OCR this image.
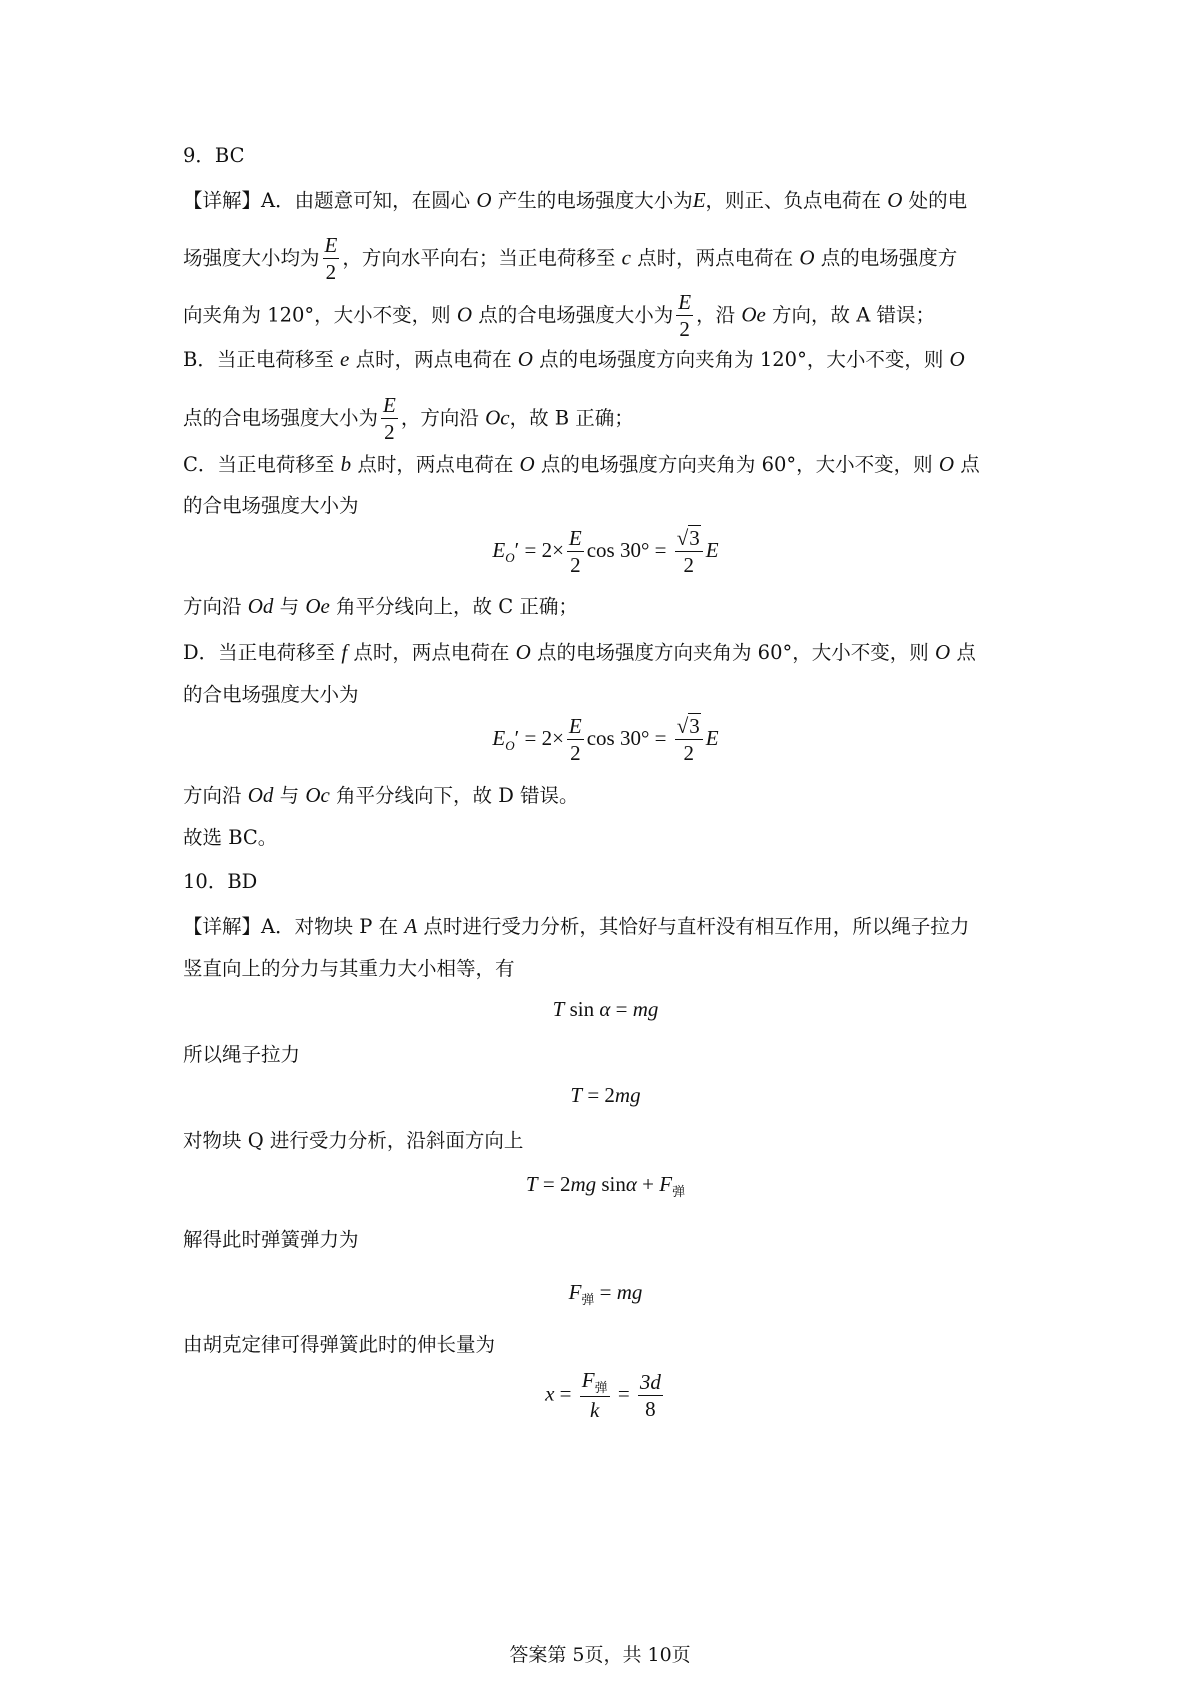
9．BC
【详解】A．由题意可知，在圆心 O 产生的电场强度大小为E，则正、负点电荷在 O 处的电
场强度大小均为 $\frac{E}{2}$ ，方向水平向右；当正电荷移至 c 点时，两点电荷在 O 点的电场强度方
向夹角为 120°，大小不变，则 O 点的合电场强度大小为 $\frac{E}{2}$ ，沿 Oe 方向，故 A 错误；
B．当正电荷移至 e 点时，两点电荷在 O 点的电场强度方向夹角为 120°，大小不变，则 O
点的合电场强度大小为 $\frac{E}{2}$ ，方向沿 Oc，故 B 正确；
C．当正电荷移至 b 点时，两点电荷在 O 点的电场强度方向夹角为 60°，大小不变，则 O 点
的合电场强度大小为
$E_O' = 2\times \frac{E}{2}$ $\cos 30^\circ = \frac{√3}{2}$ E
方向沿 Od 与 Oe 角平分线向上，故 C 正确；
D．当正电荷移至 f 点时，两点电荷在 O 点的电场强度方向夹角为 60°，大小不变，则 O 点
的合电场强度大小为
$E_O' = 2\times \frac{E}{2}$ $\cos 30^\circ = \frac{√3}{2}$ E
方向沿 Od 与 Oc 角平分线向下，故 D 错误。
故选 BC。
10．BD
【详解】A．对物块 P 在 A 点时进行受力分析，其恰好与直杆没有相互作用，所以绳子拉力
竖直向上的分力与其重力大小相等，有
T sin α = mg
所以绳子拉力
T = 2mg
对物块 Q 进行受力分析，沿斜面方向上
T = 2mg $\sin\alpha + F_弹$
解得此时弹簧弹力为
$F_弹$ = mg
由胡克定律可得弹簧此时的伸长量为
$x = \frac{F_弹}{k} = \frac{3d}{8}$
答案第 5页，共 10页
